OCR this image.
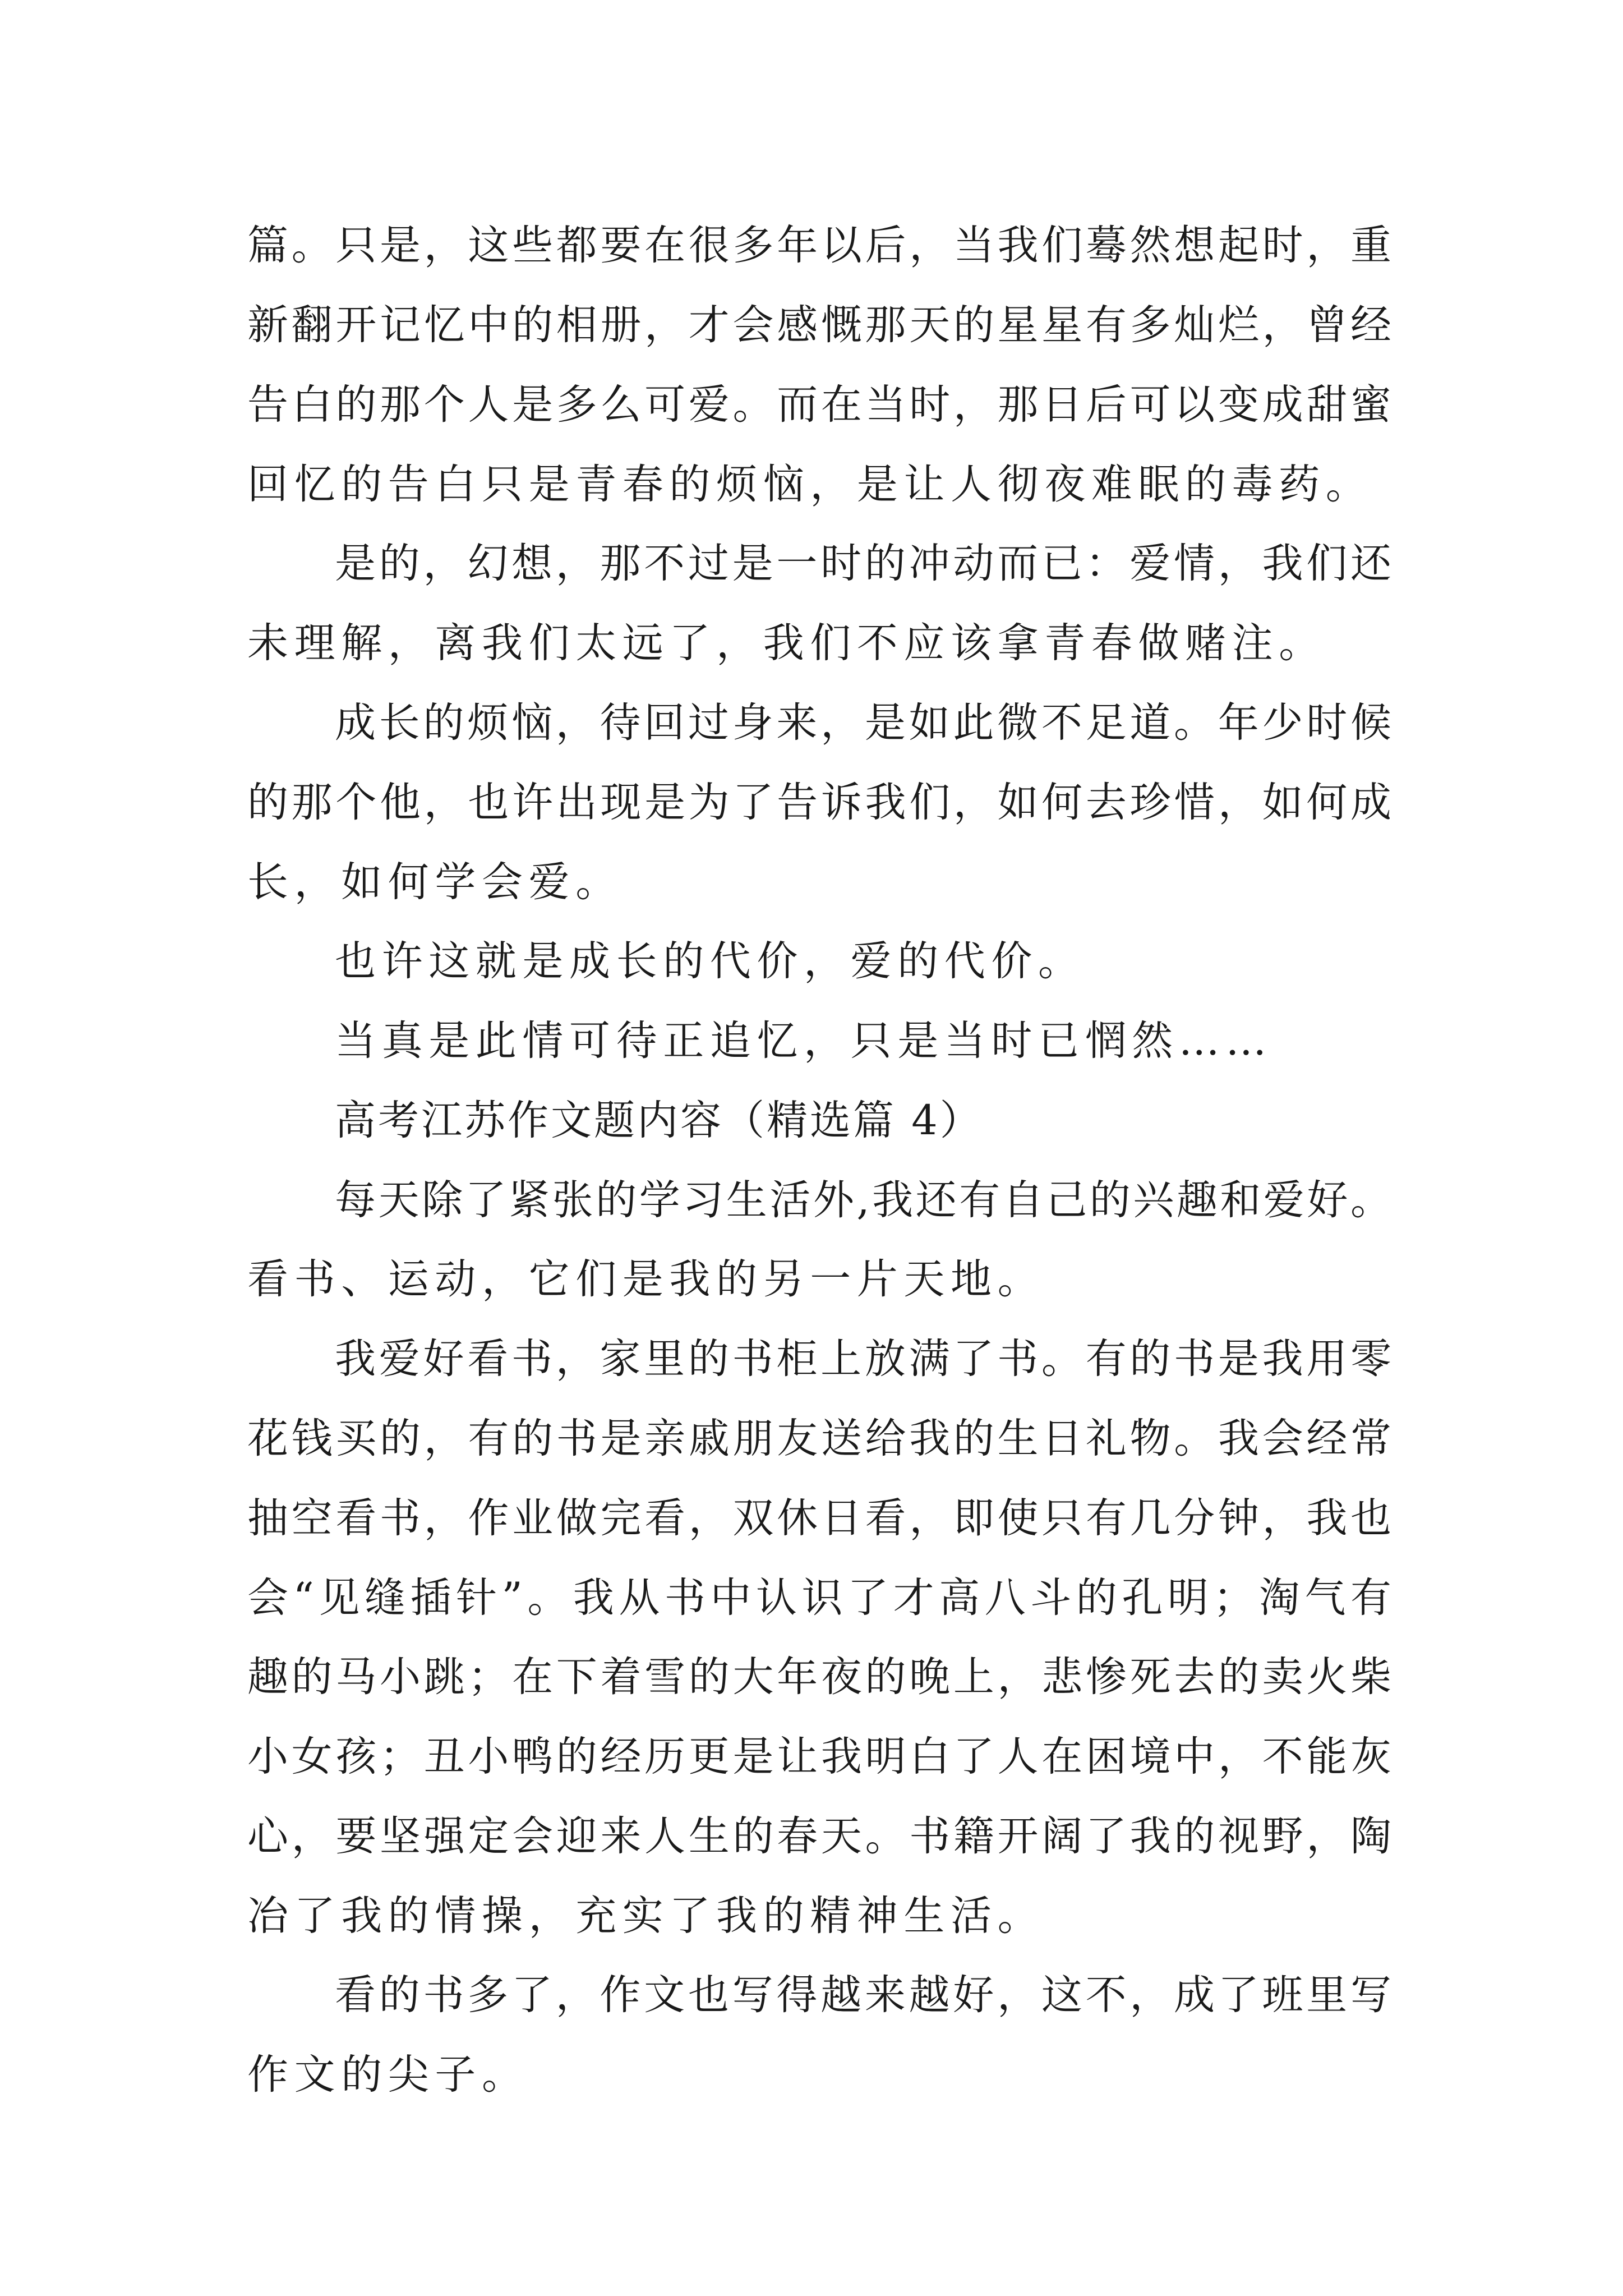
篇。只是，这些都要在很多年以后，当我们蓦然想起时，重
新翻开记忆中的相册，才会感慨那天的星星有多灿烂，曾经
告白的那个人是多么可爱。而在当时，那日后可以变成甜蜜
回忆的告白只是青春的烦恼，是让人彻夜难眠的毒药。
是的，幻想，那不过是一时的冲动而已：爱情，我们还
未理解，离我们太远了，我们不应该拿青春做赌注。
成长的烦恼，待回过身来，是如此微不足道。年少时候
的那个他，也许出现是为了告诉我们，如何去珍惜，如何成
长，如何学会爱。
也许这就是成长的代价，爱的代价。
当真是此情可待正追忆，只是当时已惘然……
高考江苏作文题内容（精选篇 4）
每天除了紧张的学习生活外,我还有自己的兴趣和爱好。
看书、运动，它们是我的另一片天地。
我爱好看书，家里的书柜上放满了书。有的书是我用零
花钱买的，有的书是亲戚朋友送给我的生日礼物。我会经常
抽空看书，作业做完看，双休日看，即使只有几分钟，我也
会“见缝插针”。我从书中认识了才高八斗的孔明；淘气有
趣的马小跳；在下着雪的大年夜的晚上，悲惨死去的卖火柴
小女孩；丑小鸭的经历更是让我明白了人在困境中，不能灰
心，要坚强定会迎来人生的春天。书籍开阔了我的视野，陶
冶了我的情操，充实了我的精神生活。
看的书多了，作文也写得越来越好，这不，成了班里写
作文的尖子。
